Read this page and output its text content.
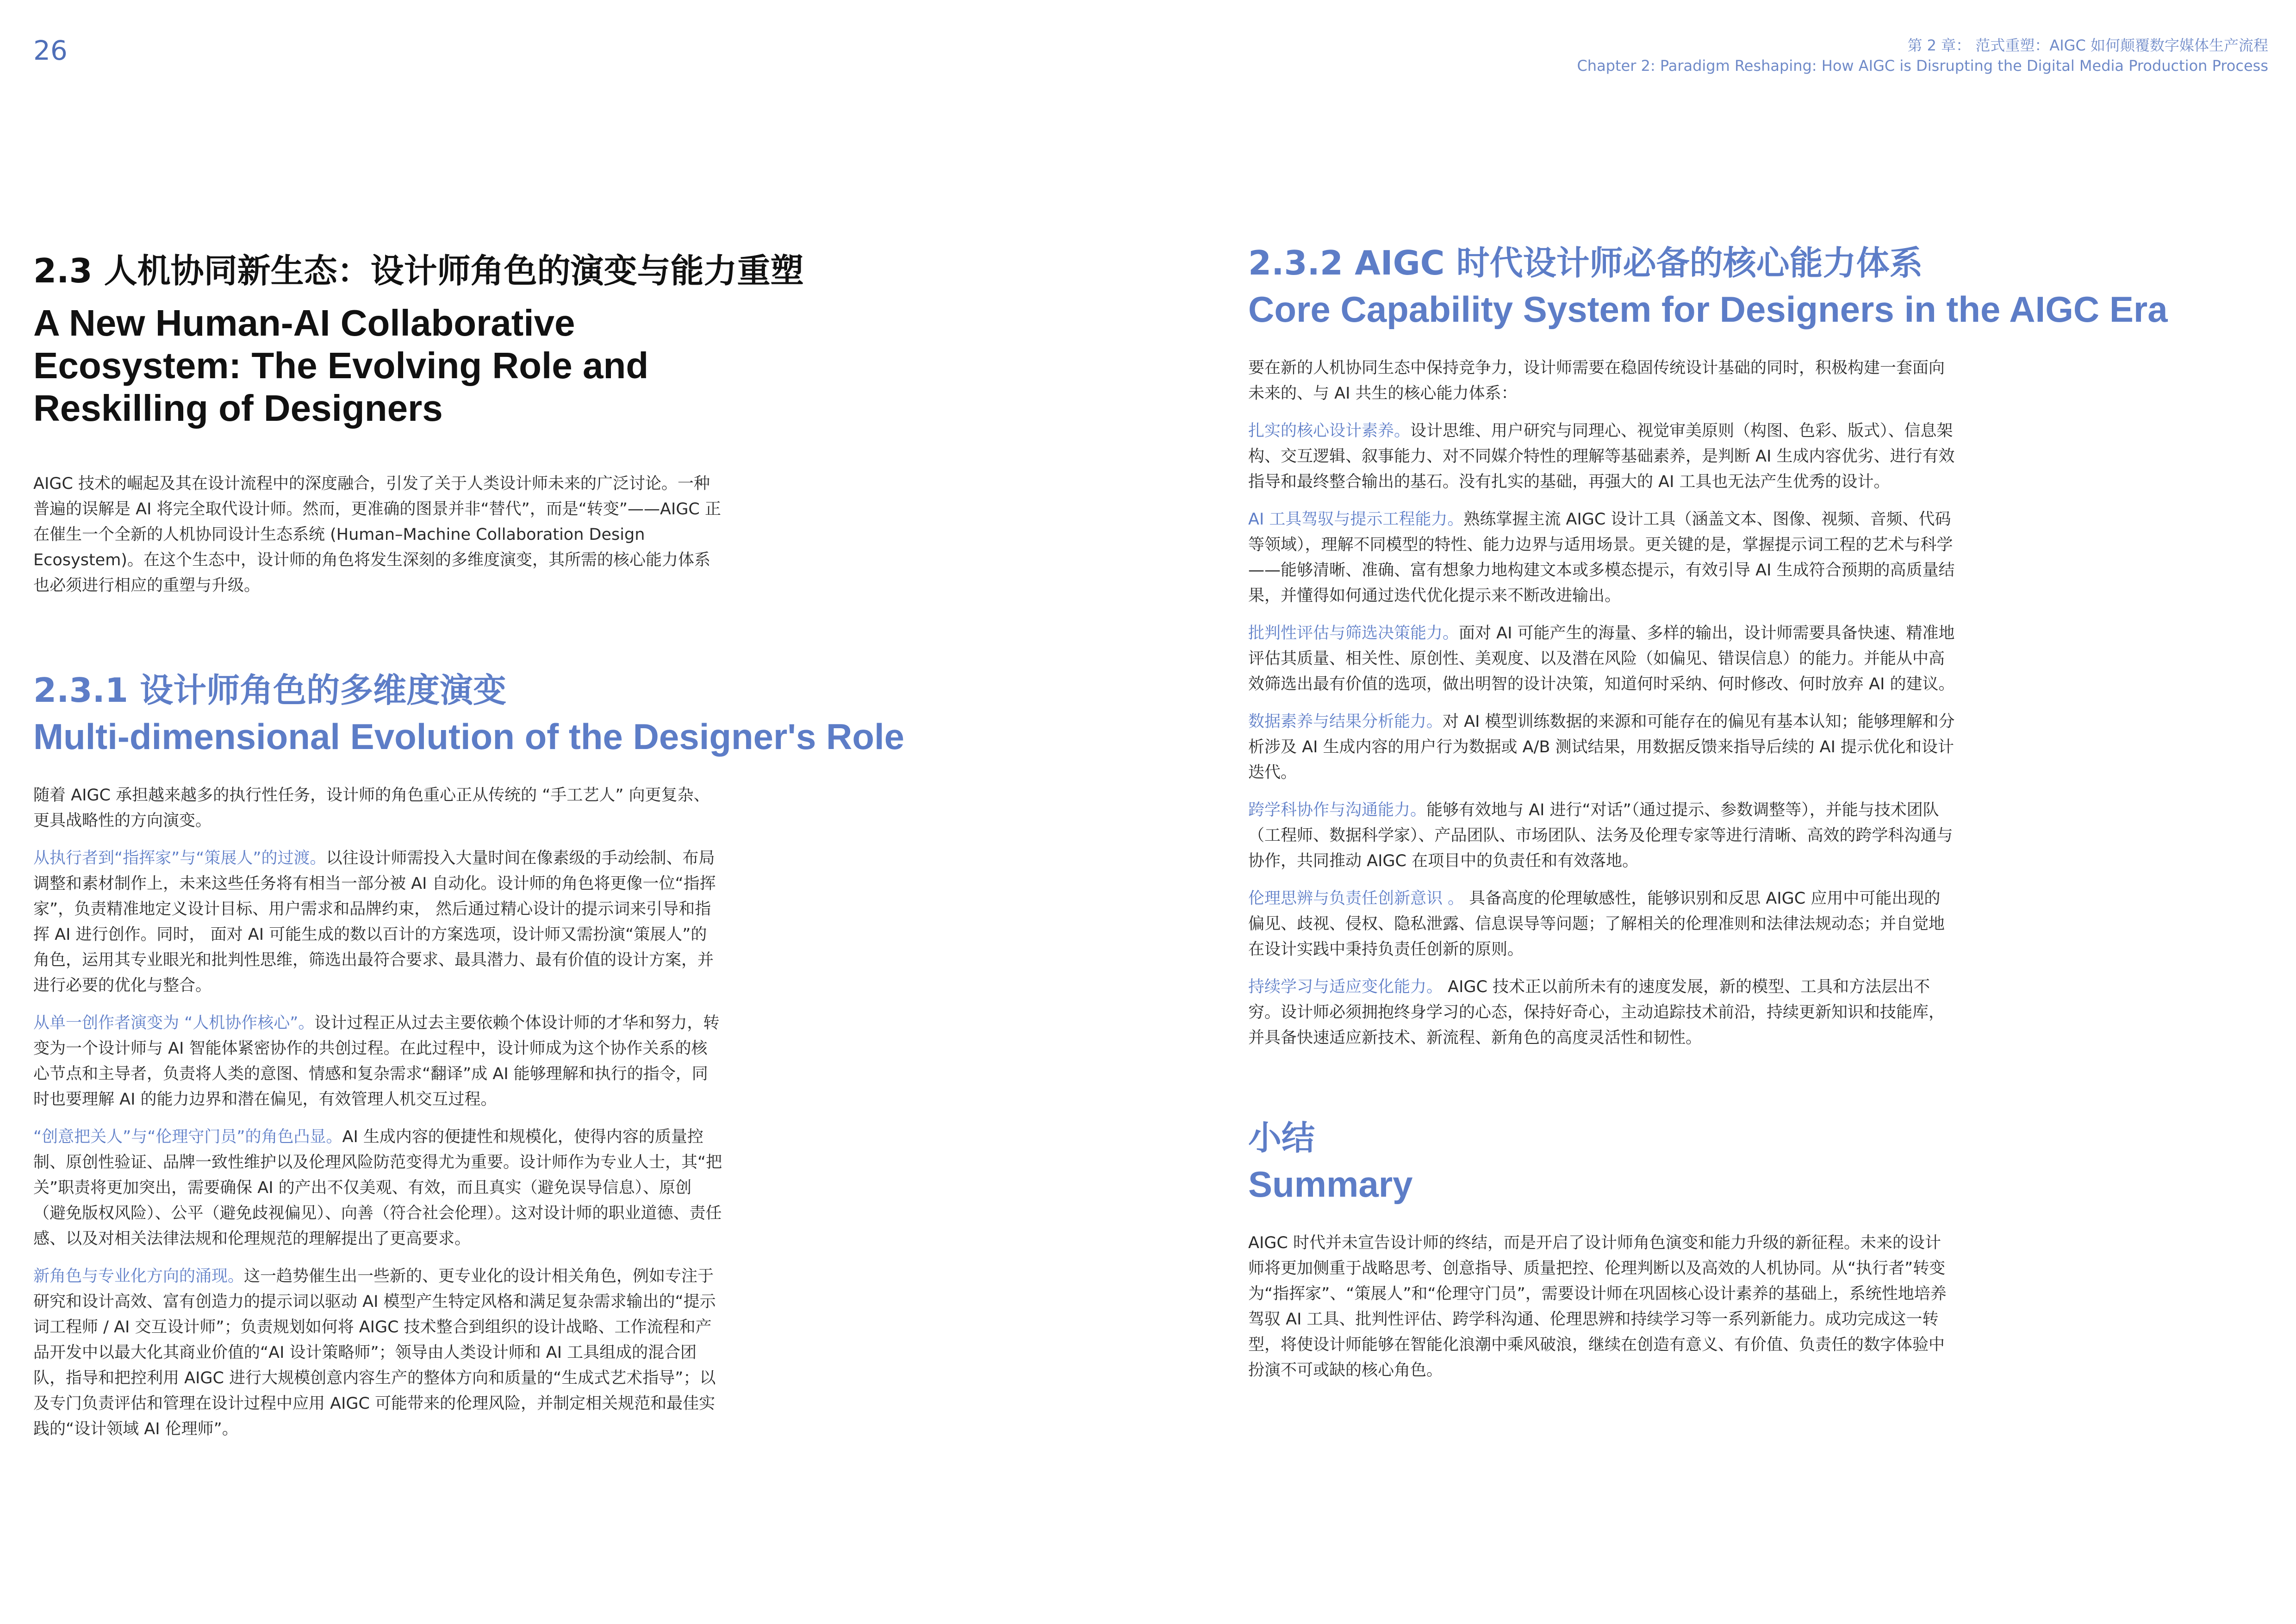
26	第 2 章： 范式重塑：AIGC 如何颠覆数字媒体生产流程
Chapter 2: Paradigm Reshaping: How AIGC is Disrupting the Digital Media Production Process
2.3 人机协同新生态：设计师角色的演变与能力重塑
A New Human-AI Collaborative Ecosystem: The Evolving Role and Reskilling of Designers

AIGC 技术的崛起及其在设计流程中的深度融合，引发了关于人类设计师未来的广泛讨论。一种普遍的误解是 AI 将完全取代设计师。然而，更准确的图景并非“替代”，而是“转变”——AIGC 正在催生一个全新的人机协同设计生态系统 (Human–Machine Collaboration Design Ecosystem)。在这个生态中，设计师的角色将发生深刻的多维度演变，其所需的核心能力体系也必须进行相应的重塑与升级。

2.3.1 设计师角色的多维度演变
Multi-dimensional Evolution of the Designer's Role

随着 AIGC 承担越来越多的执行性任务，设计师的角色重心正从传统的 “手工艺人” 向更复杂、更具战略性的方向演变。

从执行者到“指挥家”与“策展人”的过渡。以往设计师需投入大量时间在像素级的手动绘制、布局调整和素材制作上，未来这些任务将有相当一部分被 AI 自动化。设计师的角色将更像一位“指挥家”，负责精准地定义设计目标、用户需求和品牌约束， 然后通过精心设计的提示词来引导和指挥 AI 进行创作。同时， 面对 AI 可能生成的数以百计的方案选项，设计师又需扮演“策展人”的角色，运用其专业眼光和批判性思维，筛选出最符合要求、最具潜力、最有价值的设计方案，并进行必要的优化与整合。

从单一创作者演变为 “人机协作核心”。设计过程正从过去主要依赖个体设计师的才华和努力，转变为一个设计师与 AI 智能体紧密协作的共创过程。在此过程中，设计师成为这个协作关系的核心节点和主导者，负责将人类的意图、情感和复杂需求“翻译”成 AI 能够理解和执行的指令，同时也要理解 AI 的能力边界和潜在偏见，有效管理人机交互过程。

“创意把关人”与“伦理守门员”的角色凸显。AI 生成内容的便捷性和规模化，使得内容的质量控制、原创性验证、品牌一致性维护以及伦理风险防范变得尤为重要。设计师作为专业人士，其“把关”职责将更加突出，需要确保 AI 的产出不仅美观、有效，而且真实（避免误导信息）、原创（避免版权风险）、公平（避免歧视偏见）、向善（符合社会伦理）。这对设计师的职业道德、责任感、以及对相关法律法规和伦理规范的理解提出了更高要求。

新角色与专业化方向的涌现。这一趋势催生出一些新的、更专业化的设计相关角色，例如专注于研究和设计高效、富有创造力的提示词以驱动 AI 模型产生特定风格和满足复杂需求输出的“提示词工程师 / AI 交互设计师”；负责规划如何将 AIGC 技术整合到组织的设计战略、工作流程和产品开发中以最大化其商业价值的“AI 设计策略师”；领导由人类设计师和 AI 工具组成的混合团队，指导和把控利用 AIGC 进行大规模创意内容生产的整体方向和质量的“生成式艺术指导”；以及专门负责评估和管理在设计过程中应用 AIGC 可能带来的伦理风险，并制定相关规范和最佳实践的“设计领域 AI 伦理师”。

2.3.2 AIGC 时代设计师必备的核心能力体系
Core Capability System for Designers in the AIGC Era

要在新的人机协同生态中保持竞争力，设计师需要在稳固传统设计基础的同时，积极构建一套面向未来的、与 AI 共生的核心能力体系：

扎实的核心设计素养。设计思维、用户研究与同理心、视觉审美原则（构图、色彩、版式）、信息架构、交互逻辑、叙事能力、对不同媒介特性的理解等基础素养，是判断 AI 生成内容优劣、进行有效指导和最终整合输出的基石。没有扎实的基础，再强大的 AI 工具也无法产生优秀的设计。

AI 工具驾驭与提示工程能力。熟练掌握主流 AIGC 设计工具（涵盖文本、图像、视频、音频、代码等领域），理解不同模型的特性、能力边界与适用场景。更关键的是，掌握提示词工程的艺术与科学——能够清晰、准确、富有想象力地构建文本或多模态提示，有效引导 AI 生成符合预期的高质量结果，并懂得如何通过迭代优化提示来不断改进输出。

批判性评估与筛选决策能力。面对 AI 可能产生的海量、多样的输出，设计师需要具备快速、精准地评估其质量、相关性、原创性、美观度、以及潜在风险（如偏见、错误信息）的能力。并能从中高效筛选出最有价值的选项，做出明智的设计决策，知道何时采纳、何时修改、何时放弃 AI 的建议。

数据素养与结果分析能力。对 AI 模型训练数据的来源和可能存在的偏见有基本认知；能够理解和分析涉及 AI 生成内容的用户行为数据或 A/B 测试结果，用数据反馈来指导后续的 AI 提示优化和设计迭代。

跨学科协作与沟通能力。能够有效地与 AI 进行“对话”（通过提示、参数调整等），并能与技术团队（工程师、数据科学家）、产品团队、市场团队、法务及伦理专家等进行清晰、高效的跨学科沟通与协作，共同推动 AIGC 在项目中的负责任和有效落地。

伦理思辨与负责任创新意识 。 具备高度的伦理敏感性，能够识别和反思 AIGC 应用中可能出现的偏见、歧视、侵权、隐私泄露、信息误导等问题；了解相关的伦理准则和法律法规动态；并自觉地在设计实践中秉持负责任创新的原则。

持续学习与适应变化能力。 AIGC 技术正以前所未有的速度发展，新的模型、工具和方法层出不穷。设计师必须拥抱终身学习的心态，保持好奇心，主动追踪技术前沿，持续更新知识和技能库，并具备快速适应新技术、新流程、新角色的高度灵活性和韧性。

小结
Summary

AIGC 时代并未宣告设计师的终结，而是开启了设计师角色演变和能力升级的新征程。未来的设计师将更加侧重于战略思考、创意指导、质量把控、伦理判断以及高效的人机协同。从“执行者”转变为“指挥家”、“策展人”和“伦理守门员”，需要设计师在巩固核心设计素养的基础上，系统性地培养驾驭 AI 工具、批判性评估、跨学科沟通、伦理思辨和持续学习等一系列新能力。成功完成这一转型，将使设计师能够在智能化浪潮中乘风破浪，继续在创造有意义、有价值、负责任的数字体验中扮演不可或缺的核心角色。
